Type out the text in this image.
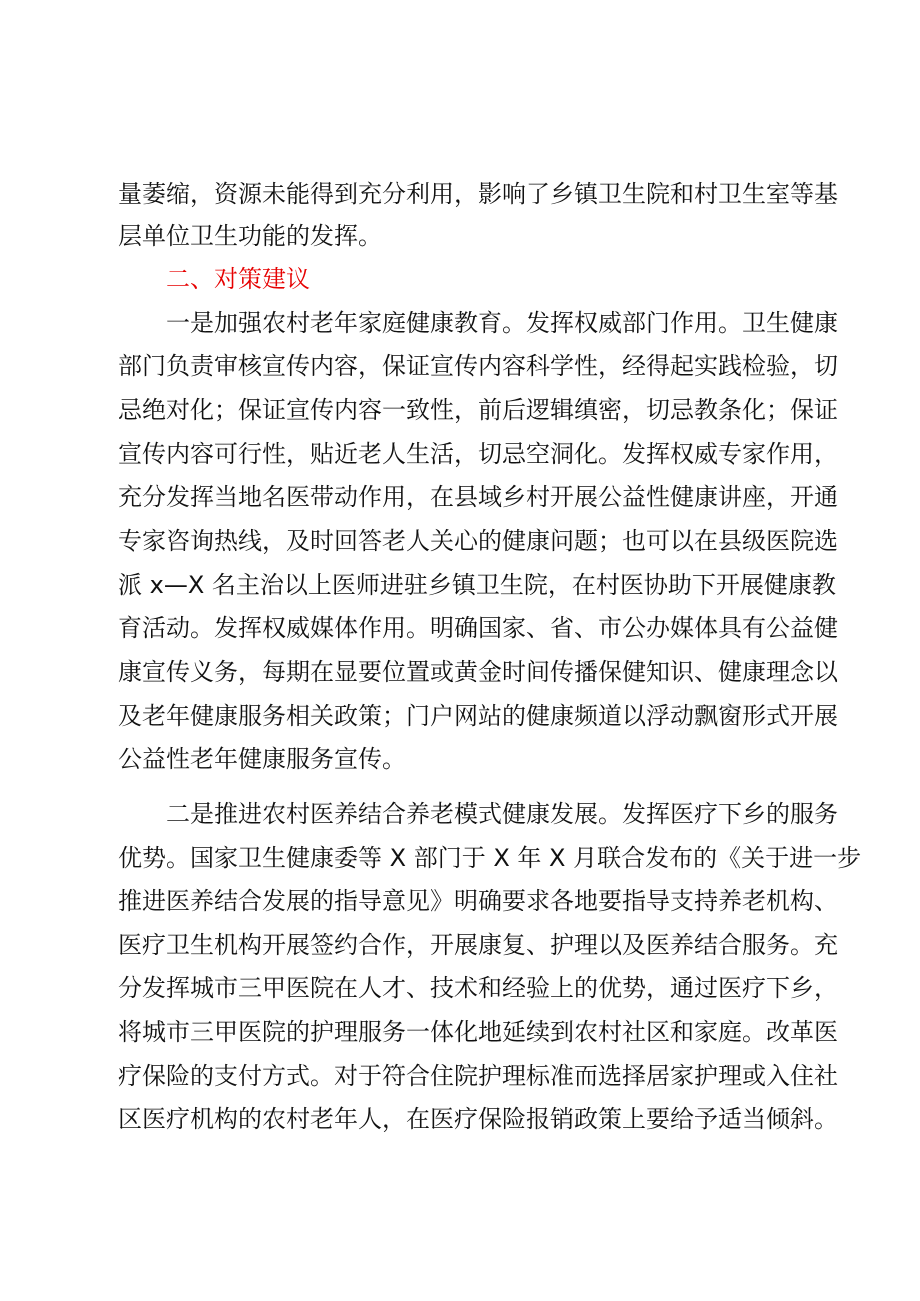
量萎缩，资源未能得到充分利用，影响了乡镇卫生院和村卫生室等基
层单位卫生功能的发挥。
二、对策建议
一是加强农村老年家庭健康教育。发挥权威部门作用。卫生健康
部门负责审核宣传内容，保证宣传内容科学性，经得起实践检验，切
忌绝对化；保证宣传内容一致性，前后逻辑缜密，切忌教条化；保证
宣传内容可行性，贴近老人生活，切忌空洞化。发挥权威专家作用，
充分发挥当地名医带动作用，在县域乡村开展公益性健康讲座，开通
专家咨询热线，及时回答老人关心的健康问题；也可以在县级医院选
派 x—X 名主治以上医师进驻乡镇卫生院，在村医协助下开展健康教
育活动。发挥权威媒体作用。明确国家、省、市公办媒体具有公益健
康宣传义务，每期在显要位置或黄金时间传播保健知识、健康理念以
及老年健康服务相关政策；门户网站的健康频道以浮动飘窗形式开展
公益性老年健康服务宣传。
二是推进农村医养结合养老模式健康发展。发挥医疗下乡的服务
优势。国家卫生健康委等 X 部门于 X 年 X 月联合发布的《关于进一步
推进医养结合发展的指导意见》明确要求各地要指导支持养老机构、
医疗卫生机构开展签约合作，开展康复、护理以及医养结合服务。充
分发挥城市三甲医院在人才、技术和经验上的优势，通过医疗下乡，
将城市三甲医院的护理服务一体化地延续到农村社区和家庭。改革医
疗保险的支付方式。对于符合住院护理标准而选择居家护理或入住社
区医疗机构的农村老年人，在医疗保险报销政策上要给予适当倾斜。
